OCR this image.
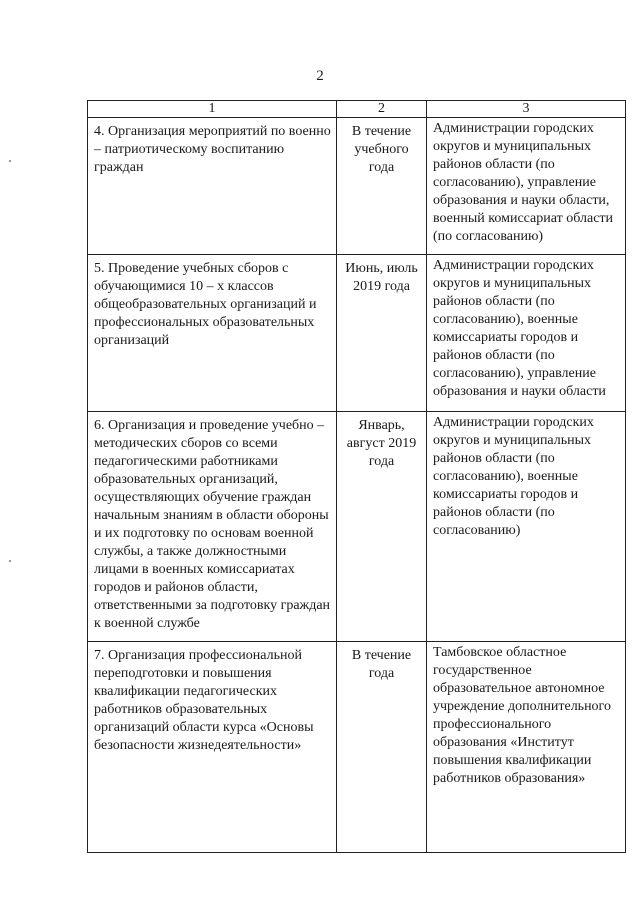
2
1	2	3
4. Организация мероприятий по военно – патриотическому воспитанию граждан	В течение учебного года	Администрации городских округов и муниципальных районов области (по согласованию), управление образования и науки области, военный комиссариат области (по согласованию)
5. Проведение учебных сборов с обучающимися 10 – х классов общеобразовательных организаций и профессиональных образовательных организаций	Июнь, июль 2019 года	Администрации городских округов и муниципальных районов области (по согласованию), военные комиссариаты городов и районов области (по согласованию), управление образования и науки области
6. Организация и проведение учебно – методических сборов со всеми педагогическими работниками образовательных организаций, осуществляющих обучение граждан начальным знаниям в области обороны и их подготовку по основам военной службы, а также должностными лицами в военных комиссариатах городов и районов области, ответственными за подготовку граждан к военной службе	Январь, август 2019 года	Администрации городских округов и муниципальных районов области (по согласованию), военные комиссариаты городов и районов области (по согласованию)
7. Организация профессиональной переподготовки и повышения квалификации педагогических работников образовательных организаций области курса «Основы безопасности жизнедеятельности»	В течение года	Тамбовское областное государственное образовательное автономное учреждение дополнительного профессионального образования «Институт повышения квалификации работников образования»
